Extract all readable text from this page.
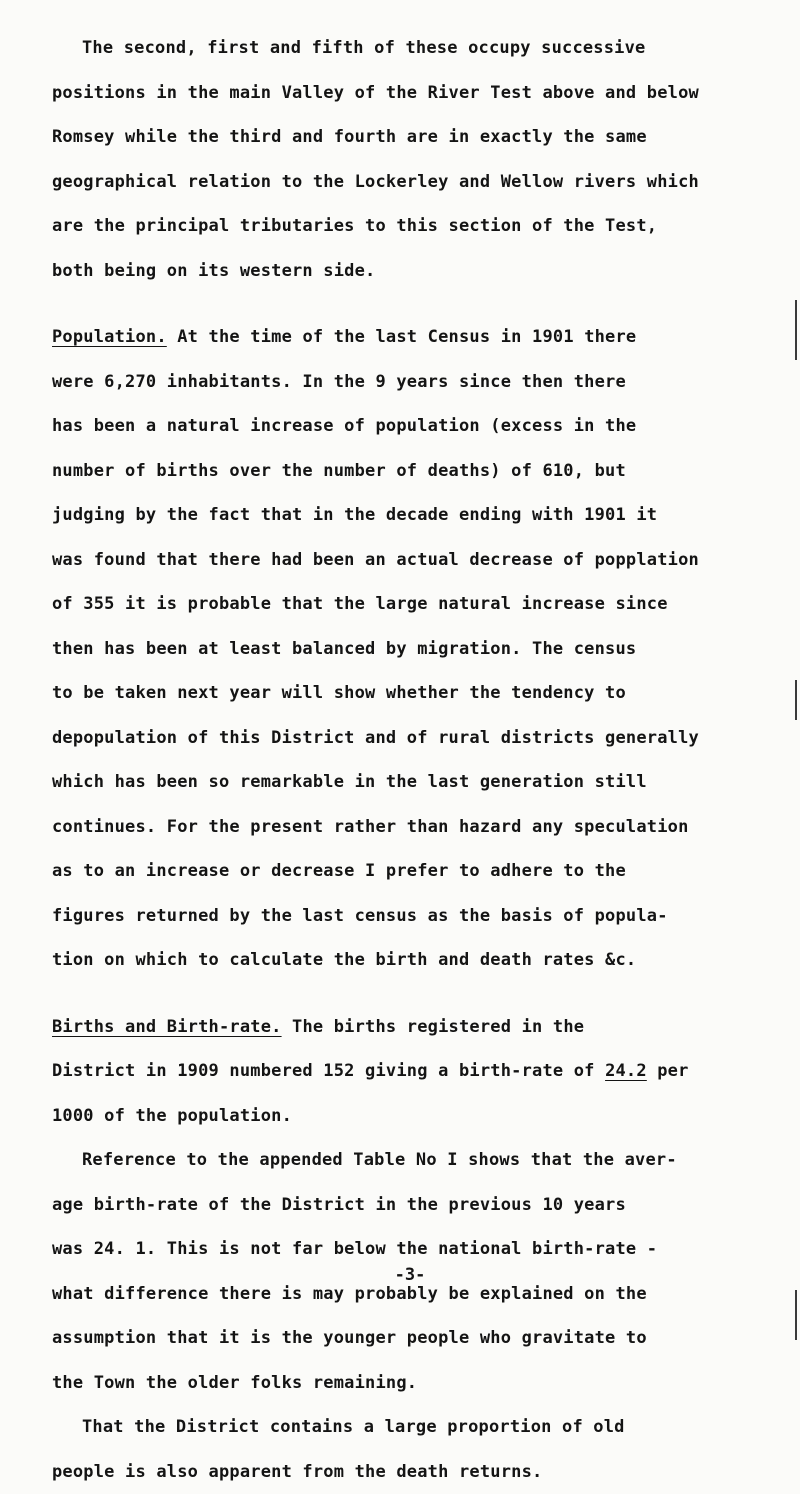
The second, first and fifth of these occupy successive
positions in the main Valley of the River Test above and below
Romsey while the third and fourth are in exactly the same
geographical relation to the Lockerley and Wellow rivers which
are the principal tributaries to this section of the Test,
both being on its western side.
Population. At the time of the last Census in 1901 there
were 6,270 inhabitants. In the 9 years since then there
has been a natural increase of population (excess in the
number of births over the number of deaths) of 610, but
judging by the fact that in the decade ending with 1901 it
was found that there had been an actual decrease of popplation
of 355 it is probable that the large natural increase since
then has been at least balanced by migration. The census
to be taken next year will show whether the tendency to
depopulation of this District and of rural districts generally
which has been so remarkable in the last generation still
continues. For the present rather than hazard any speculation
as to an increase or decrease I prefer to adhere to the
figures returned by the last census as the basis of popula-
tion on which to calculate the birth and death rates &c.
Births and Birth-rate. The births registered in the
District in 1909 numbered 152 giving a birth-rate of 24.2 per
1000 of the population.
Reference to the appended Table No I shows that the aver-
age birth-rate of the District in the previous 10 years
was 24. 1. This is not far below the national birth-rate -
what difference there is may probably be explained on the
assumption that it is the younger people who gravitate to
the Town the older folks remaining.
That the District contains a large proportion of old
people is also apparent from the death returns.
-3-
